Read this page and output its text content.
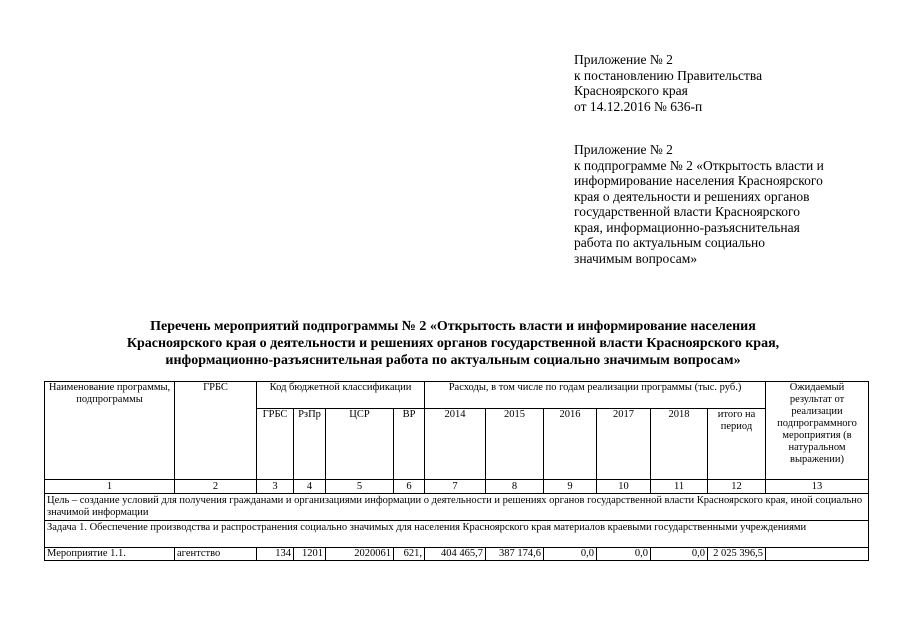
Приложение № 2
к постановлению Правительства
Красноярского края
от 14.12.2016 № 636-п
Приложение № 2
к подпрограмме № 2 «Открытость власти и
информирование населения Красноярского
края о деятельности и решениях органов
государственной власти Красноярского
края, информационно-разъяснительная
работа по актуальным социально
значимым вопросам»
Перечень мероприятий подпрограммы № 2 «Открытость власти и информирование населения
Красноярского края о деятельности и решениях органов государственной власти Красноярского края,
информационно-разъяснительная работа по актуальным социально значимым вопросам»
Наименование программы, подпрограммы	ГРБС	Код бюджетной классификации				Расходы, в том числе по годам реализации программы (тыс. руб.)						Ожидаемый результат от реализации подпрограммного мероприятия (в натуральном выражении)
		ГРБС	РзПр	ЦСР	ВР	2014	2015	2016	2017	2018	итого на период	
1	2	3	4	5	6	7	8	9	10	11	12	13
Цель – создание условий для получения гражданами и организациями информации о деятельности и решениях органов государственной власти Красноярского края, иной социально значимой информации												
Задача 1. Обеспечение производства и распространения социально значимых для населения Красноярского края материалов краевыми государственными учреждениями												
Мероприятие 1.1.	агентство	134	1201	2020061	621,	404 465,7	387 174,6	0,0	0,0	0,0	2 025 396,5	
